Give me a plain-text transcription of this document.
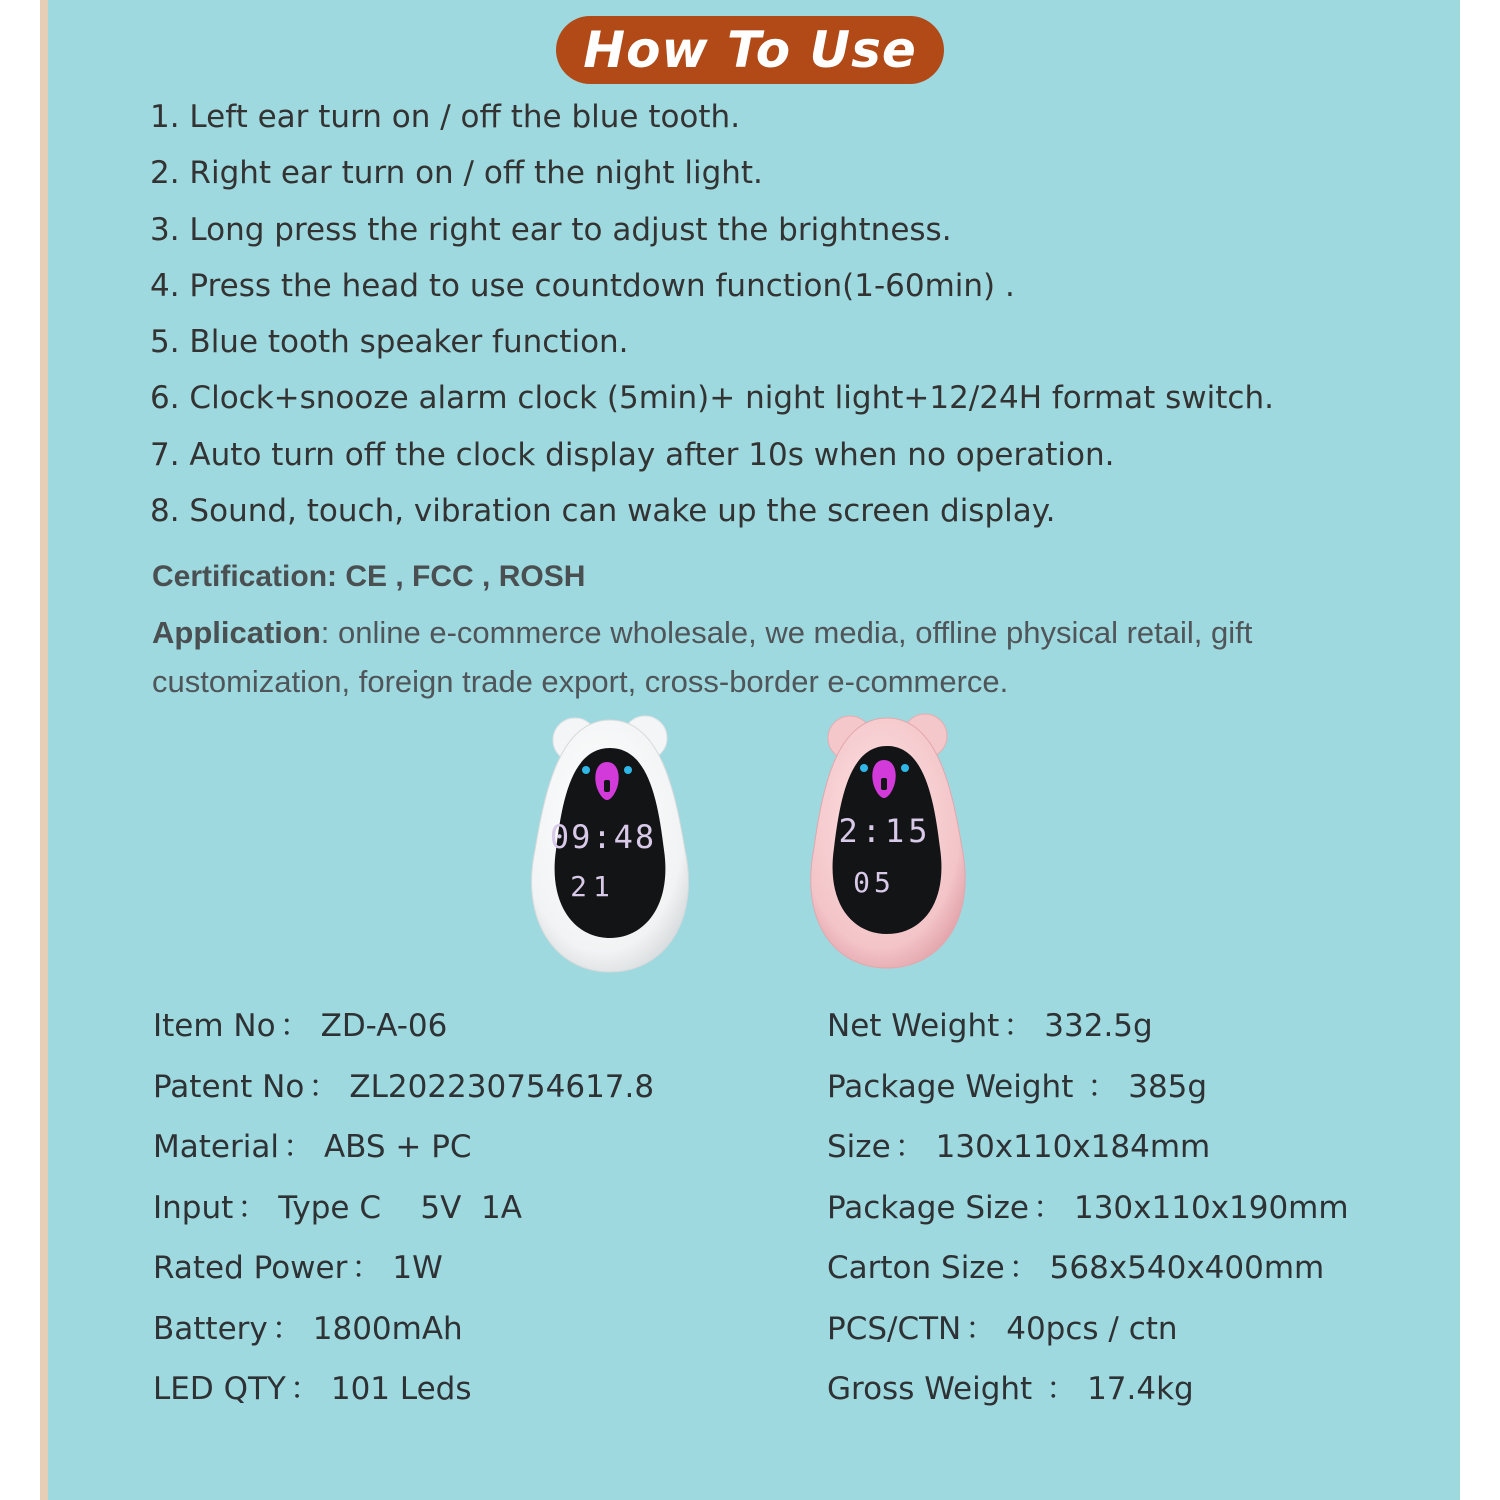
How To Use
1. Left ear turn on / off the blue tooth.
2. Right ear turn on / off the night light.
3. Long press the right ear to adjust the brightness.
4. Press the head to use countdown function(1-60min) .
5. Blue tooth speaker function.
6. Clock+snooze alarm clock (5min)+ night light+12/24H format switch.
7. Auto turn off the clock display after 10s when no operation.
8. Sound, touch, vibration can wake up the screen display.
Certification: CE , FCC , ROSH
Application: online e-commerce wholesale, we media, offline physical retail, gift customization, foreign trade export, cross-border e-commerce.
09:48
21
2:15
05
Item No ： ZD-A-06
Patent No ： ZL202230754617.8
Material ： ABS + PC
Input ： Type C    5V  1A
Rated Power ： 1W
Battery ： 1800mAh
LED QTY ： 101 Leds
Net Weight ： 332.5g
Package Weight ： 385g
Size ： 130x110x184mm
Package Size ： 130x110x190mm
Carton Size ： 568x540x400mm
PCS/CTN ： 40pcs / ctn
Gross Weight ： 17.4kg
